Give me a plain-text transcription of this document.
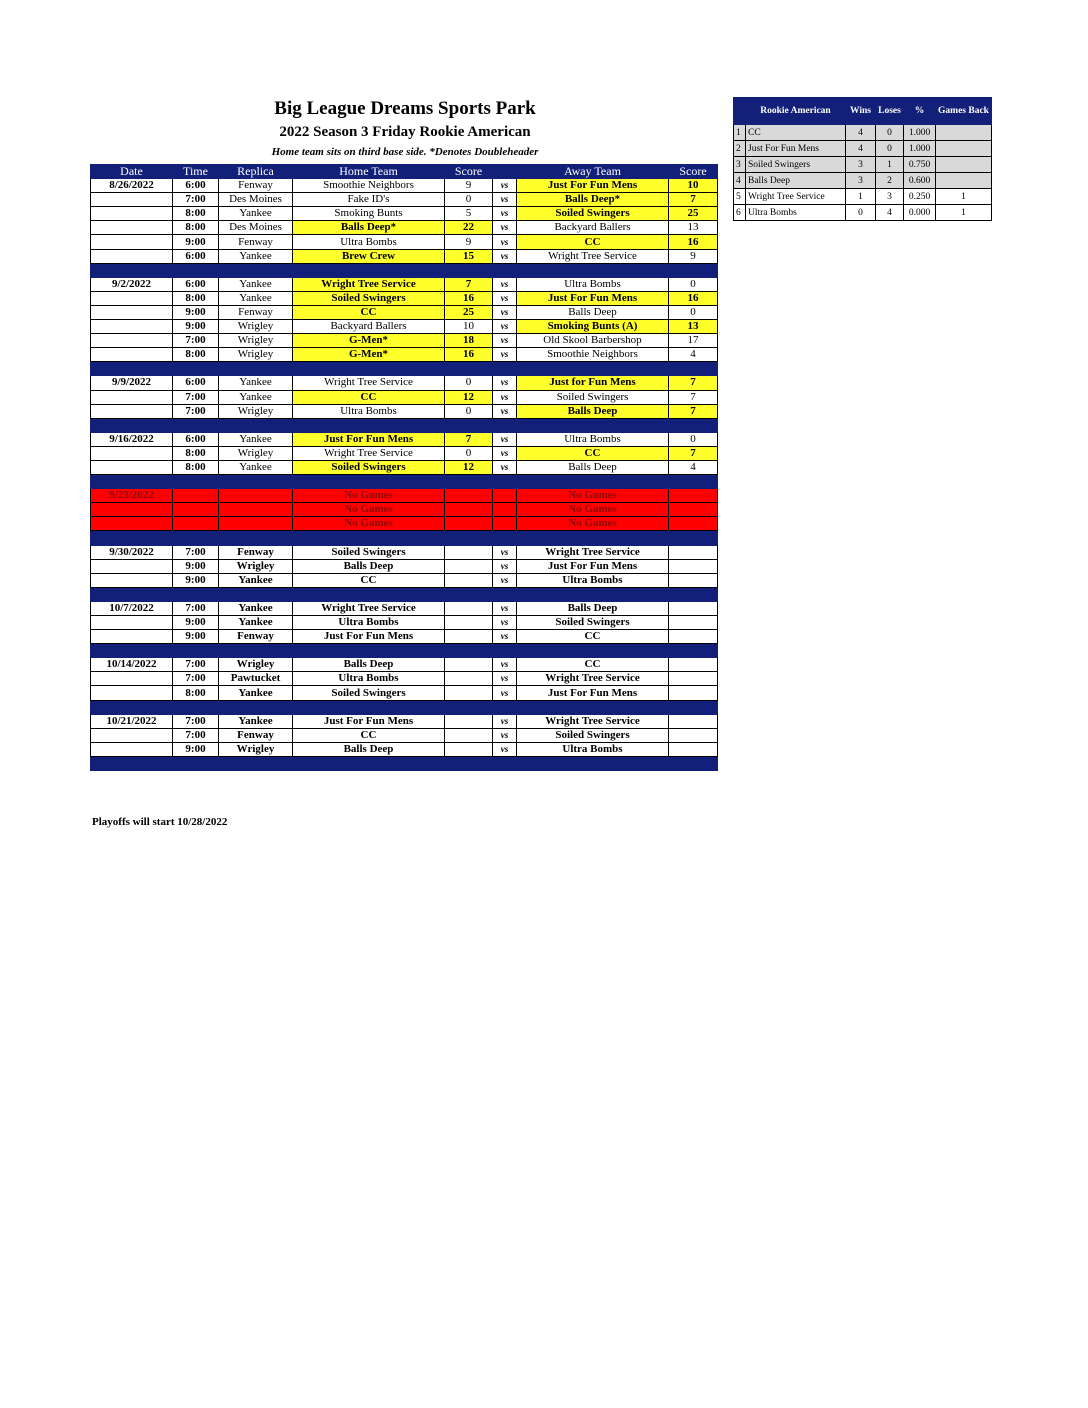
Big League Dreams Sports Park
2022 Season 3 Friday Rookie American
Home team sits on third base side. *Denotes Doubleheader
Date	Time	Replica	Home Team	Score		Away Team	Score
8/26/2022	6:00	Fenway	Smoothie Neighbors	9	vs	Just For Fun Mens	10
	7:00	Des Moines	Fake ID's	0	vs	Balls Deep*	7
	8:00	Yankee	Smoking Bunts	5	vs	Soiled Swingers	25
	8:00	Des Moines	Balls Deep*	22	vs	Backyard Ballers	13
	9:00	Fenway	Ultra Bombs	9	vs	CC	16
	6:00	Yankee	Brew Crew	15	vs	Wright Tree Service	9

9/2/2022	6:00	Yankee	Wright Tree Service	7	vs	Ultra Bombs	0
	8:00	Yankee	Soiled Swingers	16	vs	Just For Fun Mens	16
	9:00	Fenway	CC	25	vs	Balls Deep	0
	9:00	Wrigley	Backyard Ballers	10	vs	Smoking Bunts (A)	13
	7:00	Wrigley	G-Men*	18	vs	Old Skool Barbershop	17
	8:00	Wrigley	G-Men*	16	vs	Smoothie Neighbors	4

9/9/2022	6:00	Yankee	Wright Tree Service	0	vs	Just for Fun Mens	7
	7:00	Yankee	CC	12	vs	Soiled Swingers	7
	7:00	Wrigley	Ultra Bombs	0	vs	Balls Deep	7

9/16/2022	6:00	Yankee	Just For Fun Mens	7	vs	Ultra Bombs	0
	8:00	Wrigley	Wright Tree Service	0	vs	CC	7
	8:00	Yankee	Soiled Swingers	12	vs	Balls Deep	4

9/23/2022			No Games			No Games	
			No Games			No Games	
			No Games			No Games	

9/30/2022	7:00	Fenway	Soiled Swingers		vs	Wright Tree Service	
	9:00	Wrigley	Balls Deep		vs	Just For Fun Mens	
	9:00	Yankee	CC		vs	Ultra Bombs	

10/7/2022	7:00	Yankee	Wright Tree Service		vs	Balls Deep	
	9:00	Yankee	Ultra Bombs		vs	Soiled Swingers	
	9:00	Fenway	Just For Fun Mens		vs	CC	

10/14/2022	7:00	Wrigley	Balls Deep		vs	CC	
	7:00	Pawtucket	Ultra Bombs		vs	Wright Tree Service	
	8:00	Yankee	Soiled Swingers		vs	Just For Fun Mens	

10/21/2022	7:00	Yankee	Just For Fun Mens		vs	Wright Tree Service	
	7:00	Fenway	CC		vs	Soiled Swingers	
	9:00	Wrigley	Balls Deep		vs	Ultra Bombs	

Playoffs will start 10/28/2022
	Rookie American	Wins	Loses	%	Games Back
1	CC	4	0	1.000	
2	Just For Fun Mens	4	0	1.000	
3	Soiled Swingers	3	1	0.750	
4	Balls Deep	3	2	0.600	
5	Wright Tree Service	1	3	0.250	1
6	Ultra Bombs	0	4	0.000	1
